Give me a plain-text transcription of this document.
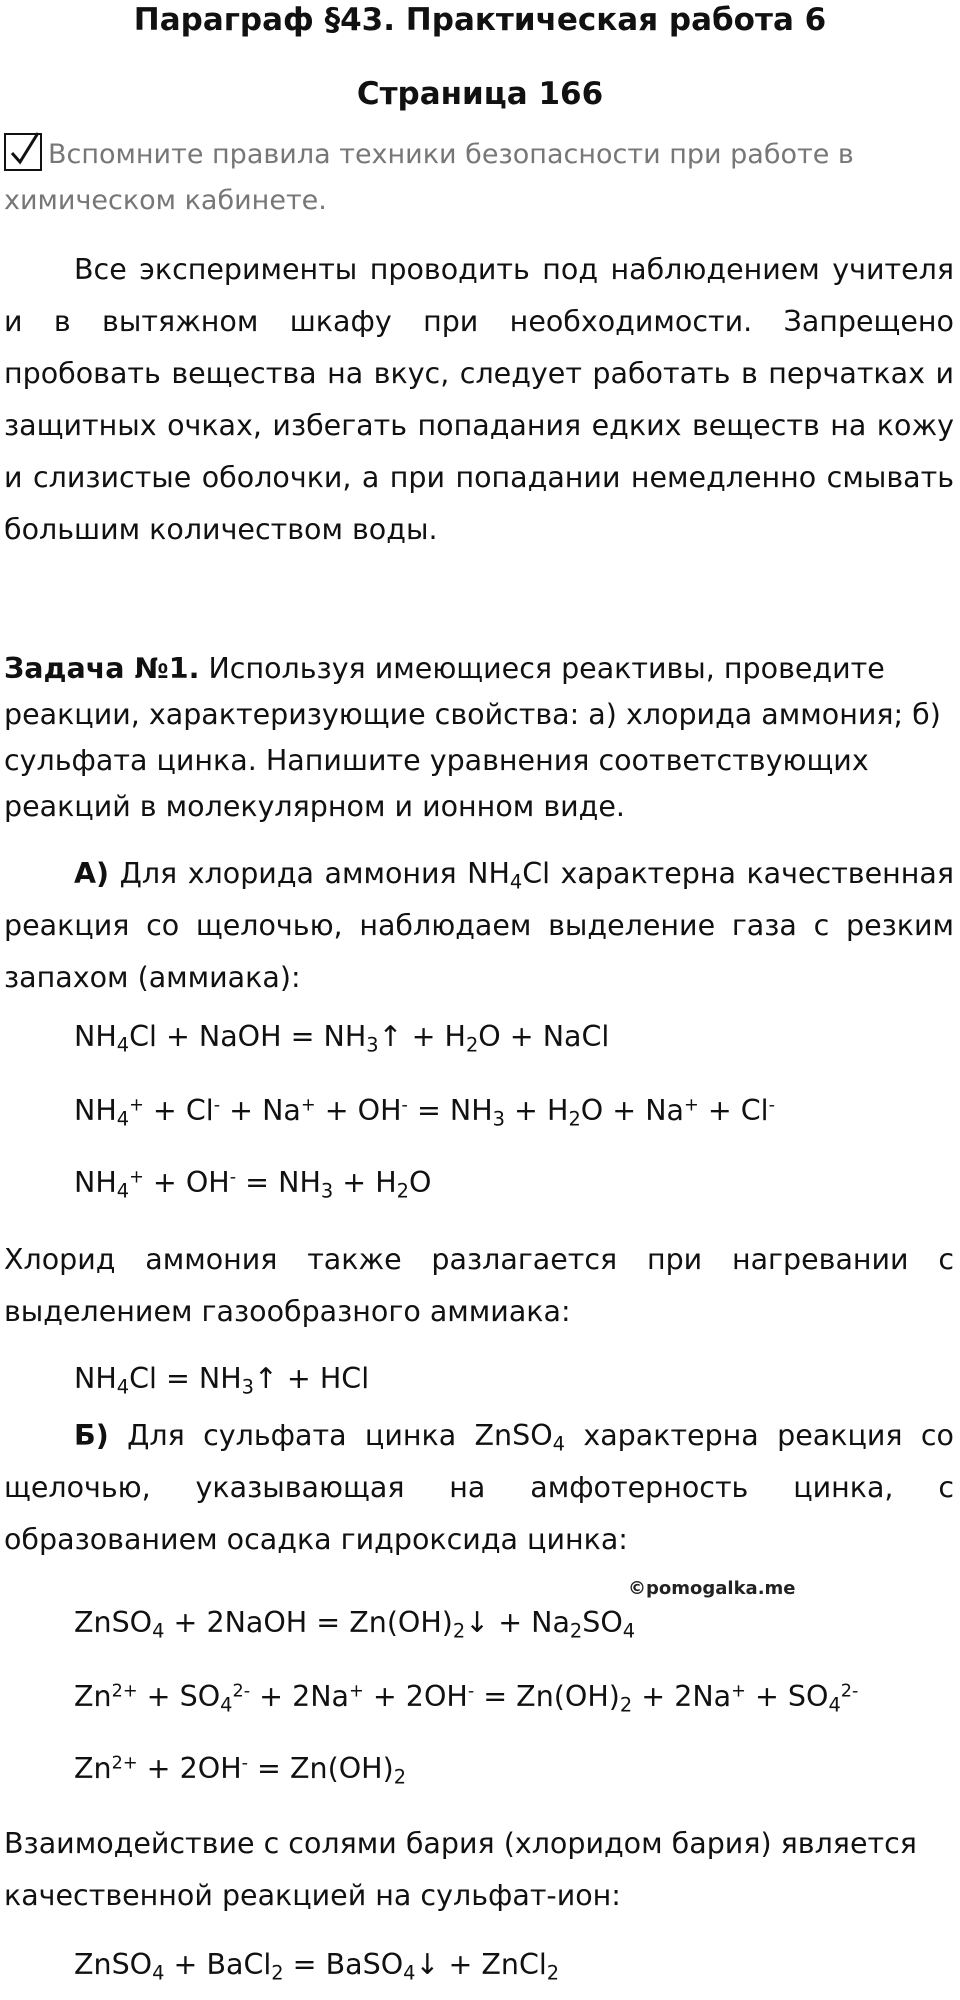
Параграф §43. Практическая работа 6
Страница 166
Вспомните правила техники безопасности при работе в химическом кабинете.
Все эксперименты проводить под наблюдением учителя и в вытяжном шкафу при необходимости. Запрещено пробовать вещества на вкус, следует работать в перчатках и защитных очках, избегать попадания едких веществ на кожу и слизистые оболочки, а при попадании немедленно смывать большим количеством воды.
Задача №1. Используя имеющиеся реактивы, проведите реакции, характеризующие свойства: а) хлорида аммония; б) сульфата цинка. Напишите уравнения соответствующих реакций в молекулярном и ионном виде.
А) Для хлорида аммония $NH_4Cl$ характерна качественная реакция со щелочью, наблюдаем выделение газа с резким запахом (аммиака):
$NH_4Cl$ + NaOH = $NH_3↑ + H_2O$ + NaCl
$NH_4^+ + Cl^- + Na^+ + OH^- = NH_3 + H_2O + Na^+ + Cl^-$
$NH_4^+ + OH^- = NH_3 + H_2O$
Хлорид аммония также разлагается при нагревании с выделением газообразного аммиака:
$NH_4Cl$ = $NH_3↑$ + HCl
Б) Для сульфата цинка ZnSO$_4$ характерна реакция со щелочью, указывающая на амфотерность цинка, с образованием осадка гидроксида цинка:
©pomogalka.me
ZnSO$_4$ + 2NaOH = $Zn(OH)_2↓ + Na_2SO_4$
$Zn^{2+} + SO_4^{2-} + 2Na^+ + 2OH^- = Zn(OH)_2 + 2Na^+ + SO_4^{2-}$
$Zn^{2+} + 2OH^- = Zn(OH)_2$
Взаимодействие с солями бария (хлоридом бария) является качественной реакцией на сульфат-ион:
ZnSO$_4$ + BaCl$_2$ = BaSO$_4$↓ + ZnCl$_2$
